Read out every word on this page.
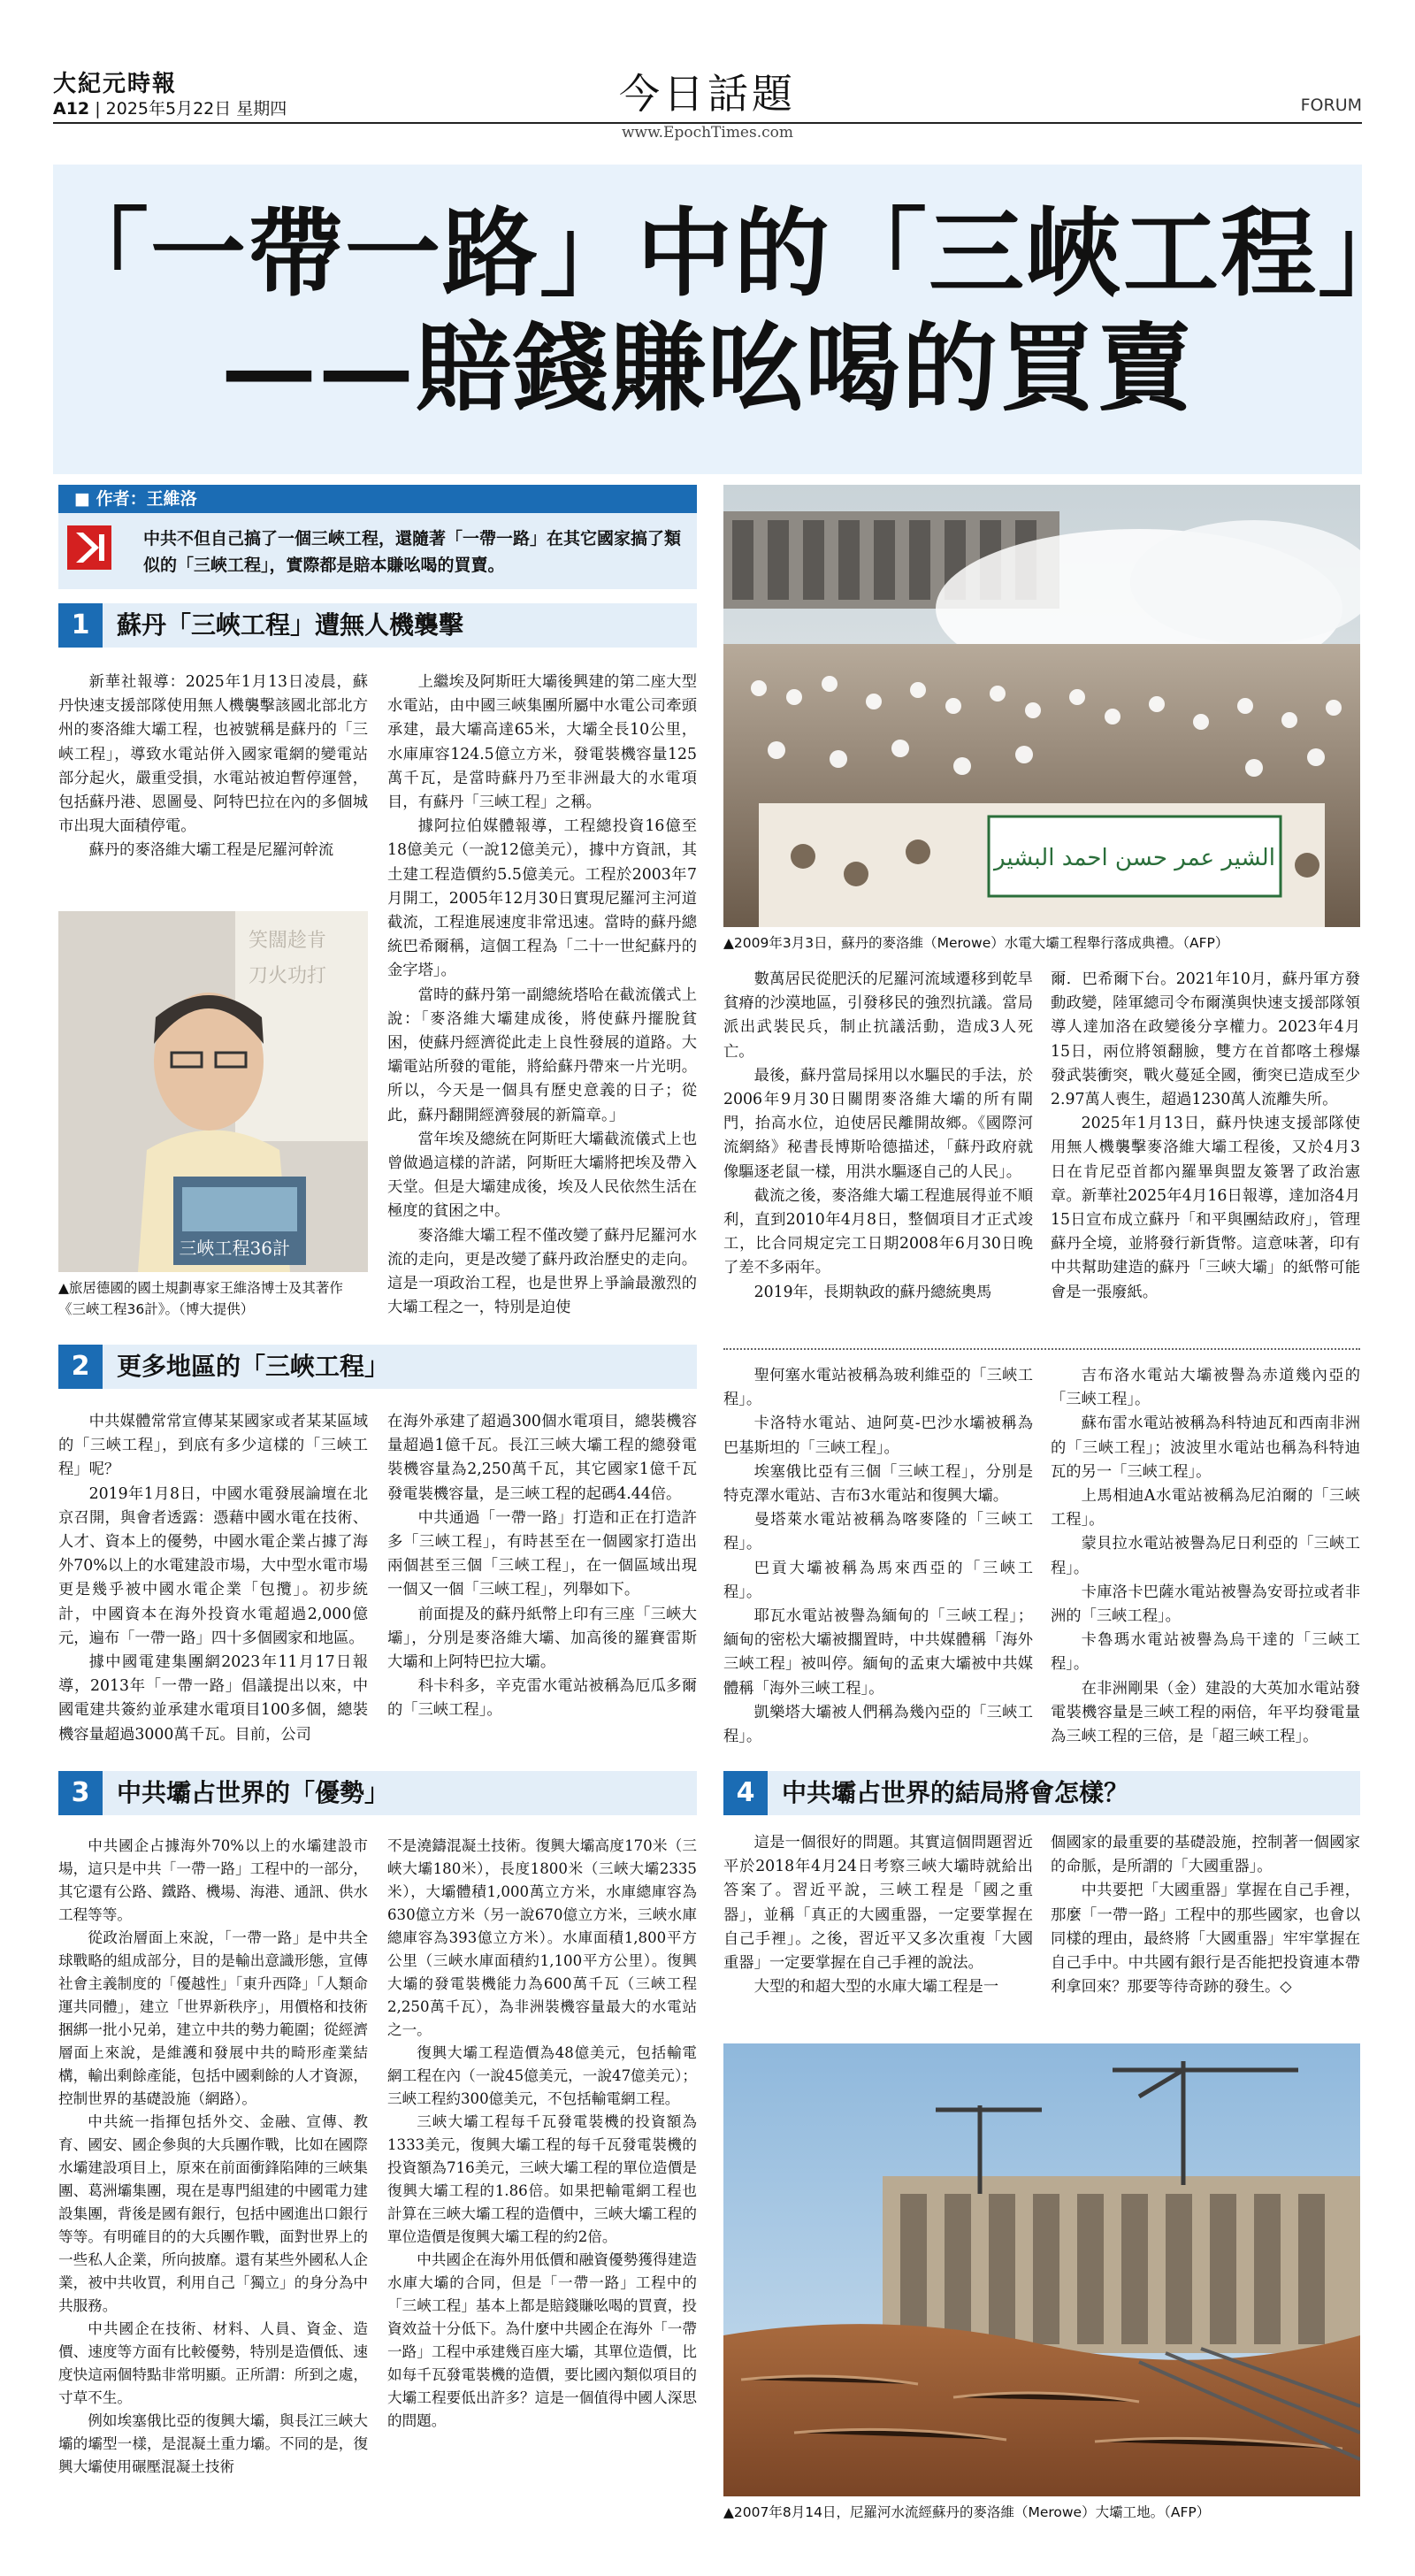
大紀元時報
A12 | 2025年5月22日 星期四	今日話題
www.EpochTimes.com
FORUM
「一帶一路」中的「三峽工程」
——賠錢賺吆喝的買賣
■ 作者：王維洛
中共不但自己搞了一個三峽工程，還隨著「一帶一路」在其它國家搞了類似的「三峽工程」，實際都是賠本賺吆喝的買賣。
الشير عمر حسن احمد البشير
▲2009年3月3日，蘇丹的麥洛維（Merowe）水電大壩工程舉行落成典禮。（AFP）
1	蘇丹「三峽工程」遭無人機襲擊

新華社報導：2025年1月13日凌晨，蘇丹快速支援部隊使用無人機襲擊該國北部北方州的麥洛維大壩工程，也被號稱是蘇丹的「三峽工程」，導致水電站併入國家電網的變電站部分起火，嚴重受損，水電站被迫暫停運營，包括蘇丹港、恩圖曼、阿特巴拉在內的多個城市出現大面積停電。

蘇丹的麥洛維大壩工程是尼羅河幹流

笑闊趁肯
刀火功打
三峽工程36計
▲旅居德國的國土規劃專家王維洛博士及其著作《三峽工程36計》。（博大提供）

上繼埃及阿斯旺大壩後興建的第二座大型水電站，由中國三峽集團所屬中水電公司牽頭承建，最大壩高達65米，大壩全長10公里，水庫庫容124.5億立方米，發電裝機容量125萬千瓦，是當時蘇丹乃至非洲最大的水電項目，有蘇丹「三峽工程」之稱。

據阿拉伯媒體報導，工程總投資16億至18億美元（一說12億美元），據中方資訊，其土建工程造價約5.5億美元。工程於2003年7月開工，2005年12月30日實現尼羅河主河道截流，工程進展速度非常迅速。當時的蘇丹總統巴希爾稱，這個工程為「二十一世紀蘇丹的金字塔」。

當時的蘇丹第一副總統塔哈在截流儀式上說：「麥洛維大壩建成後，將使蘇丹擺脫貧困，使蘇丹經濟從此走上良性發展的道路。大壩電站所發的電能，將給蘇丹帶來一片光明。所以，今天是一個具有歷史意義的日子；從此，蘇丹翻開經濟發展的新篇章。」

當年埃及總統在阿斯旺大壩截流儀式上也曾做過這樣的許諾，阿斯旺大壩將把埃及帶入天堂。但是大壩建成後，埃及人民依然生活在極度的貧困之中。

麥洛維大壩工程不僅改變了蘇丹尼羅河水流的走向，更是改變了蘇丹政治歷史的走向。這是一項政治工程，也是世界上爭論最激烈的大壩工程之一，特別是迫使

數萬居民從肥沃的尼羅河流域遷移到乾旱貧瘠的沙漠地區，引發移民的強烈抗議。當局派出武裝民兵，制止抗議活動，造成3人死亡。

最後，蘇丹當局採用以水驅民的手法，於2006年9月30日關閉麥洛維大壩的所有閘門，抬高水位，迫使居民離開故鄉。《國際河流網絡》秘書長博斯哈德描述，「蘇丹政府就像驅逐老鼠一樣，用洪水驅逐自己的人民」。

截流之後，麥洛維大壩工程進展得並不順利，直到2010年4月8日，整個項目才正式竣工，比合同規定完工日期2008年6月30日晚了差不多兩年。

2019年，長期執政的蘇丹總統奧馬

爾．巴希爾下台。2021年10月，蘇丹軍方發動政變，陸軍總司令布爾漢與快速支援部隊領導人達加洛在政變後分享權力。2023年4月15日，兩位將領翻臉，雙方在首都喀土穆爆發武裝衝突，戰火蔓延全國，衝突已造成至少2.97萬人喪生，超過1230萬人流離失所。

2025年1月13日，蘇丹快速支援部隊使用無人機襲擊麥洛維大壩工程後，又於4月3日在肯尼亞首都內羅畢與盟友簽署了政治憲章。新華社2025年4月16日報導，達加洛4月15日宣布成立蘇丹「和平與團結政府」，管理蘇丹全境，並將發行新貨幣。這意味著，印有中共幫助建造的蘇丹「三峽大壩」的紙幣可能會是一張廢紙。

2	更多地區的「三峽工程」

中共媒體常常宣傳某某國家或者某某區域的「三峽工程」，到底有多少這樣的「三峽工程」呢？

2019年1月8日，中國水電發展論壇在北京召開，與會者透露：憑藉中國水電在技術、人才、資本上的優勢，中國水電企業占據了海外70%以上的水電建設市場，大中型水電市場更是幾乎被中國水電企業「包攬」。初步統計，中國資本在海外投資水電超過2,000億元，遍布「一帶一路」四十多個國家和地區。

據中國電建集團網2023年11月17日報導，2013年「一帶一路」倡議提出以來，中國電建共簽約並承建水電項目100多個，總裝機容量超過3000萬千瓦。目前，公司

在海外承建了超過300個水電項目，總裝機容量超過1億千瓦。長江三峽大壩工程的總發電裝機容量為2,250萬千瓦，其它國家1億千瓦發電裝機容量，是三峽工程的起碼4.44倍。

中共通過「一帶一路」打造和正在打造許多「三峽工程」，有時甚至在一個國家打造出兩個甚至三個「三峽工程」，在一個區域出現一個又一個「三峽工程」，列舉如下。

前面提及的蘇丹紙幣上印有三座「三峽大壩」，分別是麥洛維大壩、加高後的羅賽雷斯大壩和上阿特巴拉大壩。

科卡科多，辛克雷水電站被稱為厄瓜多爾的「三峽工程」。

聖何塞水電站被稱為玻利維亞的「三峽工程」。

卡洛特水電站、迪阿莫-巴沙水壩被稱為巴基斯坦的「三峽工程」。

埃塞俄比亞有三個「三峽工程」，分別是特克澤水電站、吉布3水電站和復興大壩。

曼塔萊水電站被稱為喀麥隆的「三峽工程」。

巴貢大壩被稱為馬來西亞的「三峽工程」。

耶瓦水電站被譽為緬甸的「三峽工程」；緬甸的密松大壩被擱置時，中共媒體稱「海外三峽工程」被叫停。緬甸的孟東大壩被中共媒體稱「海外三峽工程」。

凱樂塔大壩被人們稱為幾內亞的「三峽工程」。

吉布洛水電站大壩被譽為赤道幾內亞的「三峽工程」。

蘇布雷水電站被稱為科特迪瓦和西南非洲的「三峽工程」；波波里水電站也稱為科特迪瓦的另一「三峽工程」。

上馬相迪A水電站被稱為尼泊爾的「三峽工程」。

蒙貝拉水電站被譽為尼日利亞的「三峽工程」。

卡庫洛卡巴薩水電站被譽為安哥拉或者非洲的「三峽工程」。

卡魯瑪水電站被譽為烏干達的「三峽工程」。

在非洲剛果（金）建設的大英加水電站發電裝機容量是三峽工程的兩倍，年平均發電量為三峽工程的三倍，是「超三峽工程」。

3	中共壩占世界的「優勢」

中共國企占據海外70%以上的水壩建設市場，這只是中共「一帶一路」工程中的一部分，其它還有公路、鐵路、機場、海港、通訊、供水工程等等。

從政治層面上來說，「一帶一路」是中共全球戰略的組成部分，目的是輸出意識形態，宣傳社會主義制度的「優越性」「東升西降」「人類命運共同體」，建立「世界新秩序」，用價格和技術捆綁一批小兄弟，建立中共的勢力範圍；從經濟層面上來說，是維護和發展中共的畸形產業結構，輸出剩餘產能，包括中國剩餘的人才資源，控制世界的基礎設施（網路）。

中共統一指揮包括外交、金融、宣傳、教育、國安、國企參與的大兵團作戰，比如在國際水壩建設項目上，原來在前面衝鋒陷陣的三峽集團、葛洲壩集團，現在是專門組建的中國電力建設集團，背後是國有銀行，包括中國進出口銀行等等。有明確目的的大兵團作戰，面對世界上的一些私人企業，所向披靡。還有某些外國私人企業，被中共收買，利用自己「獨立」的身分為中共服務。

中共國企在技術、材料、人員、資金、造價、速度等方面有比較優勢，特別是造價低、速度快這兩個特點非常明顯。正所謂：所到之處，寸草不生。

例如埃塞俄比亞的復興大壩，與長江三峽大壩的壩型一樣，是混凝土重力壩。不同的是，復興大壩使用碾壓混凝土技術

不是澆鑄混凝土技術。復興大壩高度170米（三峽大壩180米），長度1800米（三峽大壩2335米），大壩體積1,000萬立方米，水庫總庫容為630億立方米（另一說670億立方米，三峽水庫總庫容為393億立方米）。水庫面積1,800平方公里（三峽水庫面積約1,100平方公里）。復興大壩的發電裝機能力為600萬千瓦（三峽工程2,250萬千瓦），為非洲裝機容量最大的水電站之一。

復興大壩工程造價為48億美元，包括輸電網工程在內（一說45億美元，一說47億美元）；三峽工程約300億美元，不包括輸電網工程。

三峽大壩工程每千瓦發電裝機的投資額為1333美元，復興大壩工程的每千瓦發電裝機的投資額為716美元，三峽大壩工程的單位造價是復興大壩工程的1.86倍。如果把輸電網工程也計算在三峽大壩工程的造價中，三峽大壩工程的單位造價是復興大壩工程的約2倍。

中共國企在海外用低價和融資優勢獲得建造水庫大壩的合同，但是「一帶一路」工程中的「三峽工程」基本上都是賠錢賺吆喝的買賣，投資效益十分低下。為什麼中共國企在海外「一帶一路」工程中承建幾百座大壩，其單位造價，比如每千瓦發電裝機的造價，要比國內類似項目的大壩工程要低出許多？這是一個值得中國人深思的問題。

4	中共壩占世界的結局將會怎樣？

這是一個很好的問題。其實這個問題習近平於2018年4月24日考察三峽大壩時就給出答案了。習近平說，三峽工程是「國之重器」，並稱「真正的大國重器，一定要掌握在自己手裡」。之後，習近平又多次重複「大國重器」一定要掌握在自己手裡的說法。

大型的和超大型的水庫大壩工程是一

個國家的最重要的基礎設施，控制著一個國家的命脈，是所謂的「大國重器」。

中共要把「大國重器」掌握在自己手裡，那麼「一帶一路」工程中的那些國家，也會以同樣的理由，最終將「大國重器」牢牢掌握在自己手中。中共國有銀行是否能把投資連本帶利拿回來？那要等待奇跡的發生。◇

▲2007年8月14日，尼羅河水流經蘇丹的麥洛維（Merowe）大壩工地。（AFP）
